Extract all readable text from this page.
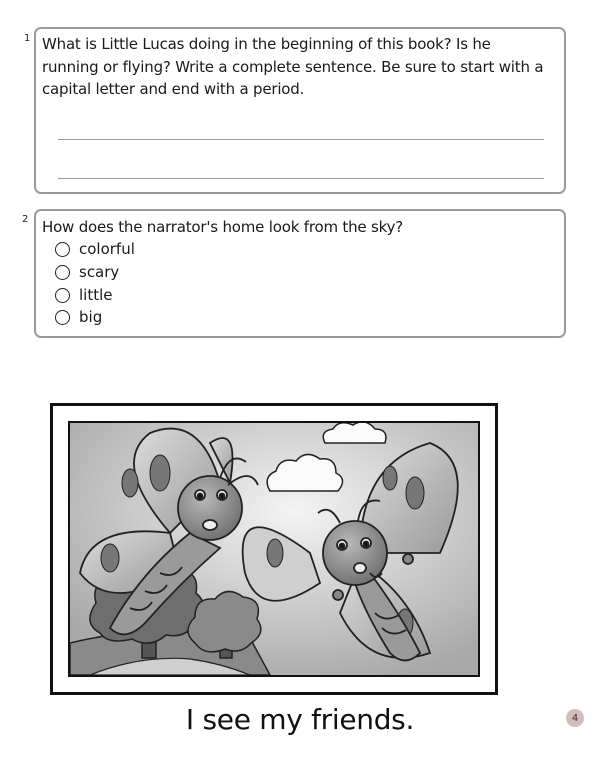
1 What is Little Lucas doing in the beginning of this book? Is he running or flying? Write a complete sentence. Be sure to start with a capital letter and end with a period.
2 How does the narrator's home look from the sky?
colorful
scary
little
big
I see my friends.	4
